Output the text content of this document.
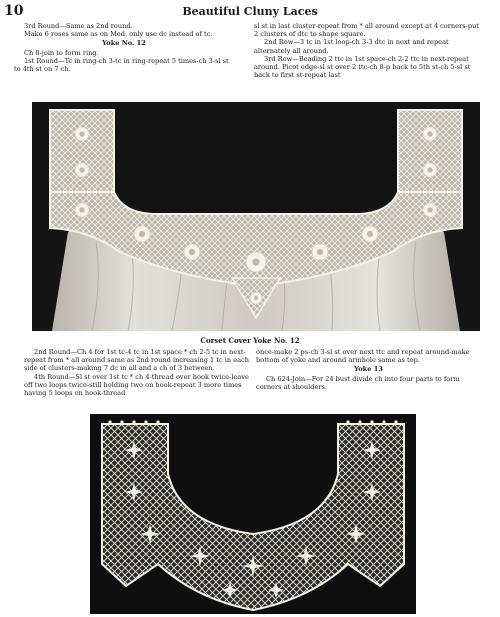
10	Beautiful Cluny Laces

3rd Round—Same as 2nd round.

Make 6 roses same as on Med. only use dc instead of tc.

Yoke No. 12

Ch 8-join to form ring.

1st Round—Tc in ring-ch 3-tc in ring-repeat 5 times-ch 3-sl st to 4th st on 7 ch.

sl st in last cluster-repeat from * all around except at 4 corners-put 2 clusters of dtc to shape square.

2nd Row—3 tc in 1st loop-ch 3-3 dtc in next and repeat alternately all around.

3rd Row—Beading 2 ttc in 1st space-ch 2-2 ttc in next-repeat around. Picot edge-sl st over 2 ttc-ch 8-p back to 5th st-ch 5-sl st back to first st-repeat last

Corset Cover Yoke No. 12

2nd Round—Ch 4 for 1st tc-4 tc in 1st space * ch 2-5 tc in next-repeat from * all around same as 2nd round increasing 1 tc in each side of clusters-making 7 dc in all and a ch of 3 between.

4th Round—Sl st over 1st tc * ch 4-thread over hook twice-leave off two loops twice-still holding two on hook-repeat 3 more times having 5 loops on hook-thread

once-make 2 ps-ch 3-sl st over next ttc and repeat around-make bottom of yoke and around armhole same as top.

Yoke 13

Ch 624-Join—For 24 bust divide ch into four parts to form corners at shoulders.
